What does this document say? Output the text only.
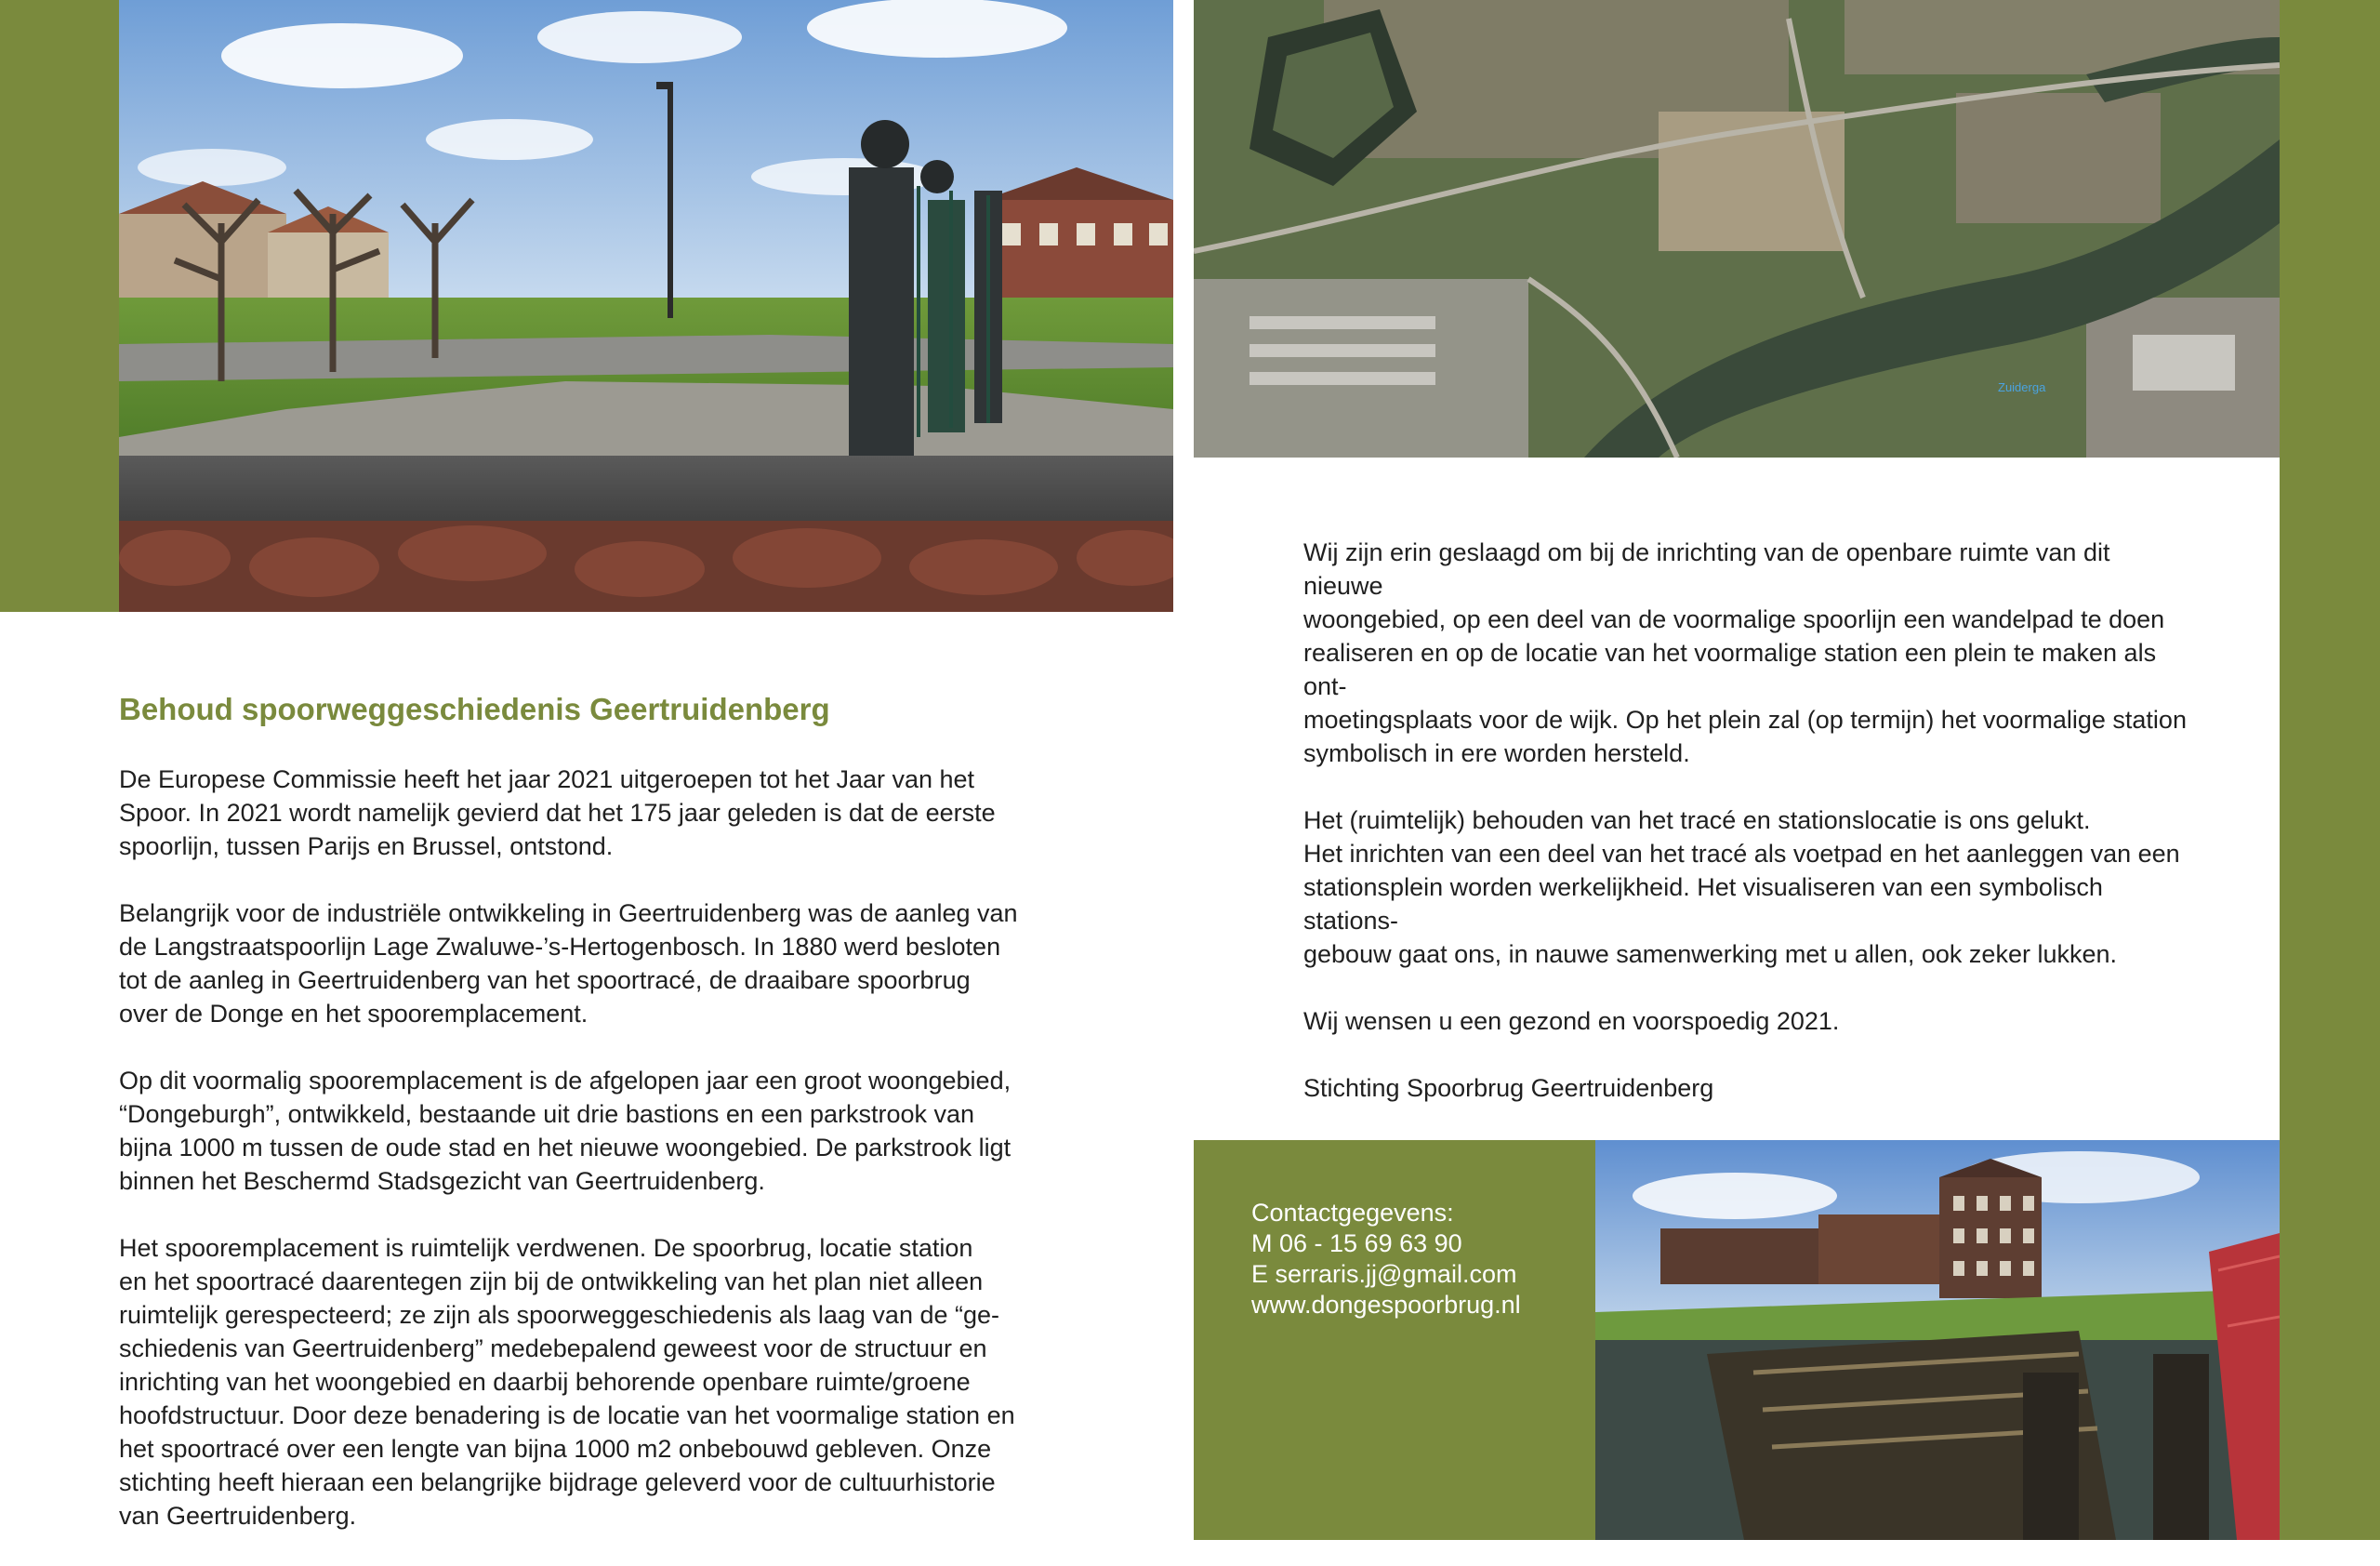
Zuiderga
Behoud spoorweggeschiedenis Geertruidenberg

De Europese Commissie heeft het jaar 2021 uitgeroepen tot het Jaar van het
Spoor. In 2021 wordt namelijk gevierd dat het 175 jaar geleden is dat de eerste
spoorlijn, tussen Parijs en Brussel, ontstond.

Belangrijk voor de industriële ontwikkeling in Geertruidenberg was de aanleg van
de Langstraatspoorlijn Lage Zwaluwe-’s-Hertogenbosch. In 1880 werd besloten
tot de aanleg in Geertruidenberg van het spoortracé, de draaibare spoorbrug
over de Donge en het spooremplacement.

Op dit voormalig spooremplacement is de afgelopen jaar een groot woongebied,
“Dongeburgh”, ontwikkeld, bestaande uit drie bastions en een parkstrook van
bijna 1000 m tussen de oude stad en het nieuwe woongebied. De parkstrook ligt
binnen het Beschermd Stadsgezicht van Geertruidenberg.

Het spooremplacement is ruimtelijk verdwenen. De spoorbrug, locatie station
en het spoortracé daarentegen zijn bij de ontwikkeling van het plan niet alleen
ruimtelijk gerespecteerd; ze zijn als spoorweggeschiedenis als laag van de “ge-
schiedenis van Geertruidenberg” medebepalend geweest voor de structuur en
inrichting van het woongebied en daarbij behorende openbare ruimte/groene
hoofdstructuur. Door deze benadering is de locatie van het voormalige station en
het spoortracé over een lengte van bijna 1000 m2 onbebouwd gebleven. Onze
stichting heeft hieraan een belangrijke bijdrage geleverd voor de cultuurhistorie
van Geertruidenberg.

Wij zijn erin geslaagd om bij de inrichting van de openbare ruimte van dit nieuwe
woongebied, op een deel van de voormalige spoorlijn een wandelpad te doen
realiseren en op de locatie van het voormalige station een plein te maken als ont-
moetingsplaats voor de wijk. Op het plein zal (op termijn) het voormalige station
symbolisch in ere worden hersteld.

Het (ruimtelijk) behouden van het tracé en stationslocatie is ons gelukt.
Het inrichten van een deel van het tracé als voetpad en het aanleggen van een
stationsplein worden werkelijkheid. Het visualiseren van een symbolisch stations-
gebouw gaat ons, in nauwe samenwerking met u allen, ook zeker lukken.

Wij wensen u een gezond en voorspoedig 2021.

Stichting Spoorbrug Geertruidenberg

Contactgegevens:
M 06 - 15 69 63 90
E serraris.jj@gmail.com
www.dongespoorbrug.nl
